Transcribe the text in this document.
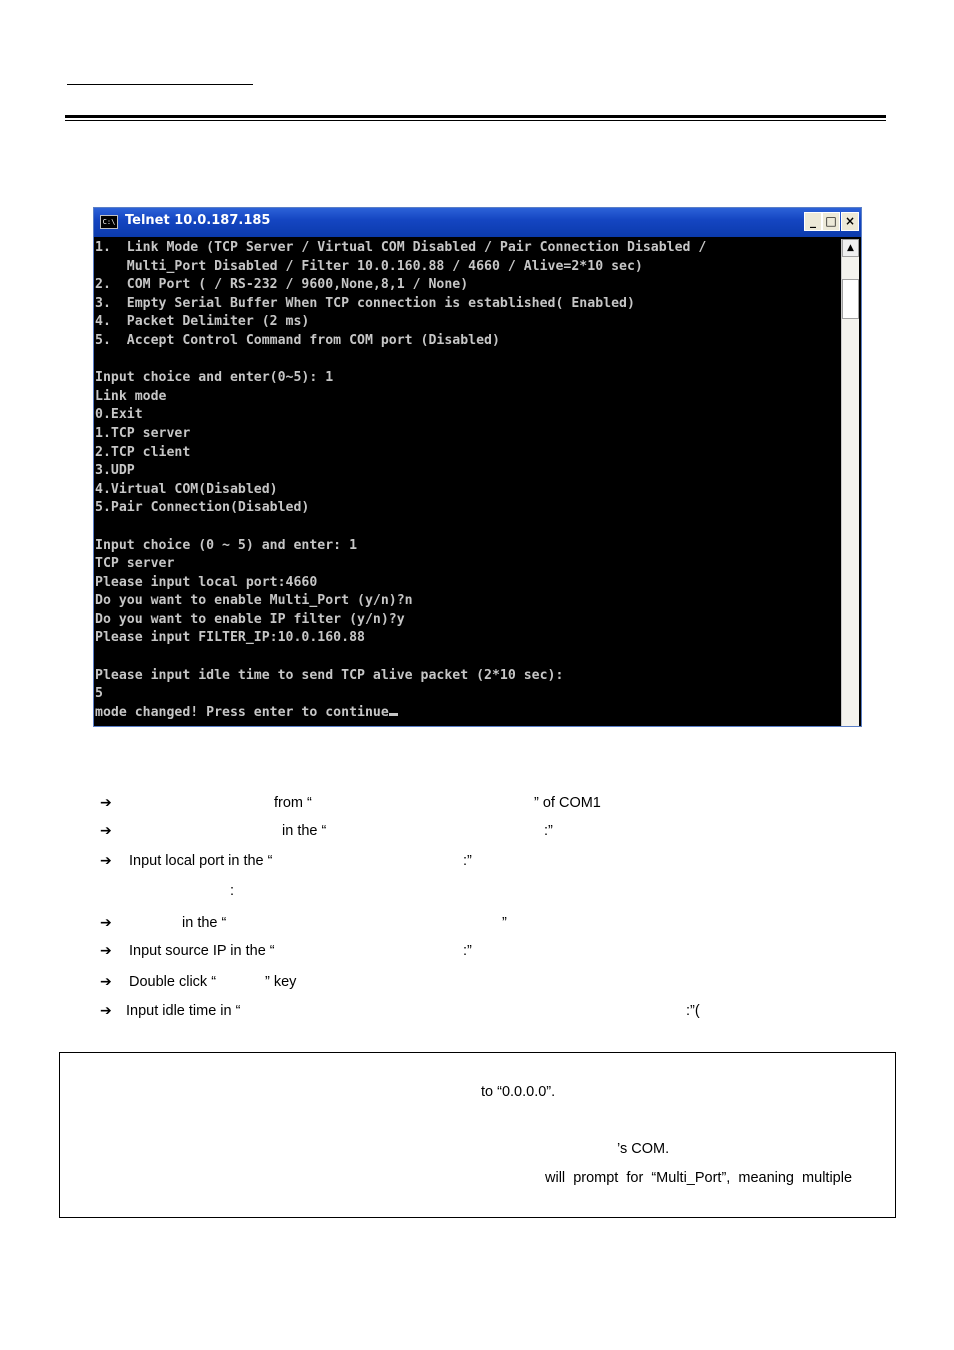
C:\ Telnet 10.0.187.185	_ □ ×
1.  Link Mode (TCP Server / Virtual COM Disabled / Pair Connection Disabled /
Multi_Port Disabled / Filter 10.0.160.88 / 4660 / Alive=2*10 sec)
2.  COM Port ( / RS-232 / 9600,None,8,1 / None)
3.  Empty Serial Buffer When TCP connection is established( Enabled)
4.  Packet Delimiter (2 ms)
5.  Accept Control Command from COM port (Disabled)
Input choice and enter(0~5): 1
Link mode
0.Exit
1.TCP server
2.TCP client
3.UDP
4.Virtual COM(Disabled)
5.Pair Connection(Disabled)
Input choice (0 ~ 5) and enter: 1
TCP server
Please input local port:4660
Do you want to enable Multi_Port (y/n)?n
Do you want to enable IP filter (y/n)?y
Please input FILTER_IP:10.0.160.88
Please input idle time to send TCP alive packet (2*10 sec):
5
mode changed! Press enter to continue
▲
➔	from “	” of COM1
➔	in the “	:”
➔ Input local port in the “	:”
:
➔	in the “	”
➔ Input source IP in the “	:”
➔ Double click “	” key
➔ Input idle time in “	:”(
to “0.0.0.0”.
’s COM.
will  prompt  for  “Multi_Port”,  meaning  multiple
